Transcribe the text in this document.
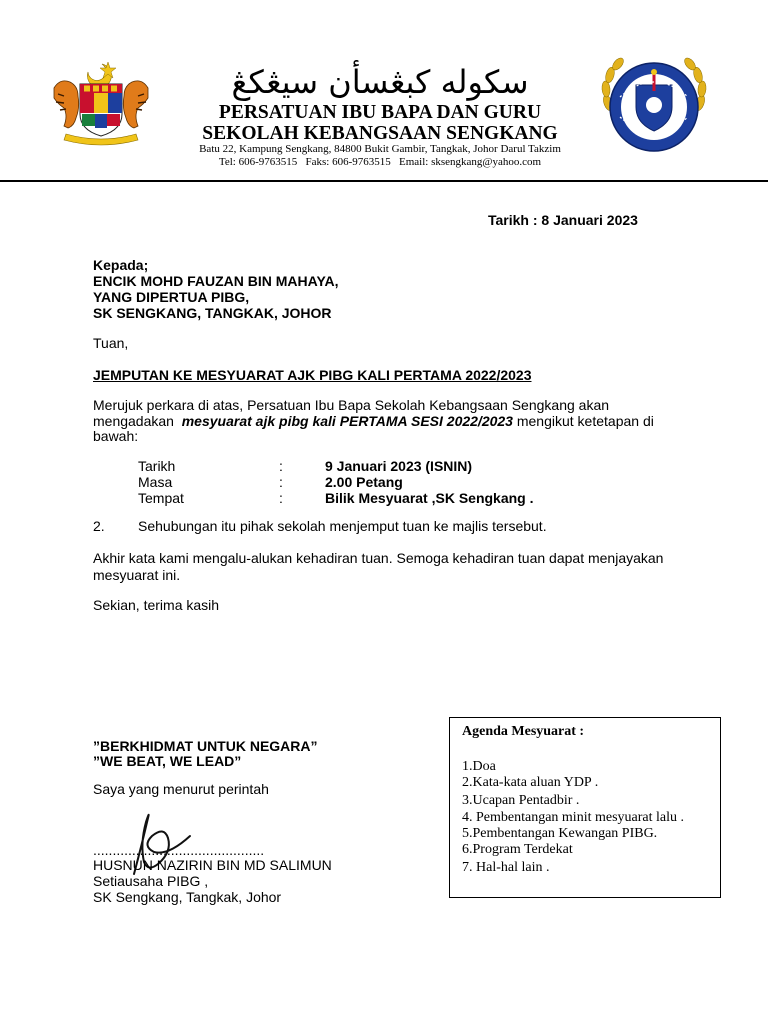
سكوله كبڠسأن سيڠكڠ
PERSATUAN IBU BAPA DAN GURU
SEKOLAH KEBANGSAAN SENGKANG
Batu 22, Kampung Sengkang, 84800 Bukit Gambir, Tangkak, Johor Darul Takzim
Tel: 606-9763515   Faks: 606-9763515   Email: sksengkang@yahoo.com
Tarikh : 8 Januari 2023
Kepada;
ENCIK MOHD FAUZAN BIN MAHAYA,
YANG DIPERTUA PIBG,
SK SENGKANG, TANGKAK, JOHOR
Tuan,
JEMPUTAN KE MESYUARAT AJK PIBG KALI PERTAMA 2022/2023
Merujuk perkara di atas, Persatuan Ibu Bapa Sekolah Kebangsaan Sengkang akan
mengadakan  mesyuarat ajk pibg kali PERTAMA SESI 2022/2023 mengikut ketetapan di
bawah:
Tarikh	:	9 Januari 2023 (ISNIN)
Masa	:	2.00 Petang
Tempat	:	Bilik Mesyuarat ,SK Sengkang .
2. Sehubungan itu pihak sekolah menjemput tuan ke majlis tersebut.
Akhir kata kami mengalu-alukan kehadiran tuan. Semoga kehadiran tuan dapat menjayakan
mesyuarat ini.
Sekian, terima kasih
”BERKHIDMAT UNTUK NEGARA”
”WE BEAT, WE LEAD”
Saya yang menurut perintah
............................................
HUSNUN NAZIRIN BIN MD SALIMUN
Setiausaha PIBG ,
SK Sengkang, Tangkak, Johor
Agenda Mesyuarat :
1.Doa
2.Kata-kata aluan YDP .
3.Ucapan Pentadbir .
4. Pembentangan minit mesyuarat lalu .
5.Pembentangan Kewangan PIBG.
6.Program Terdekat
7. Hal-hal lain .
